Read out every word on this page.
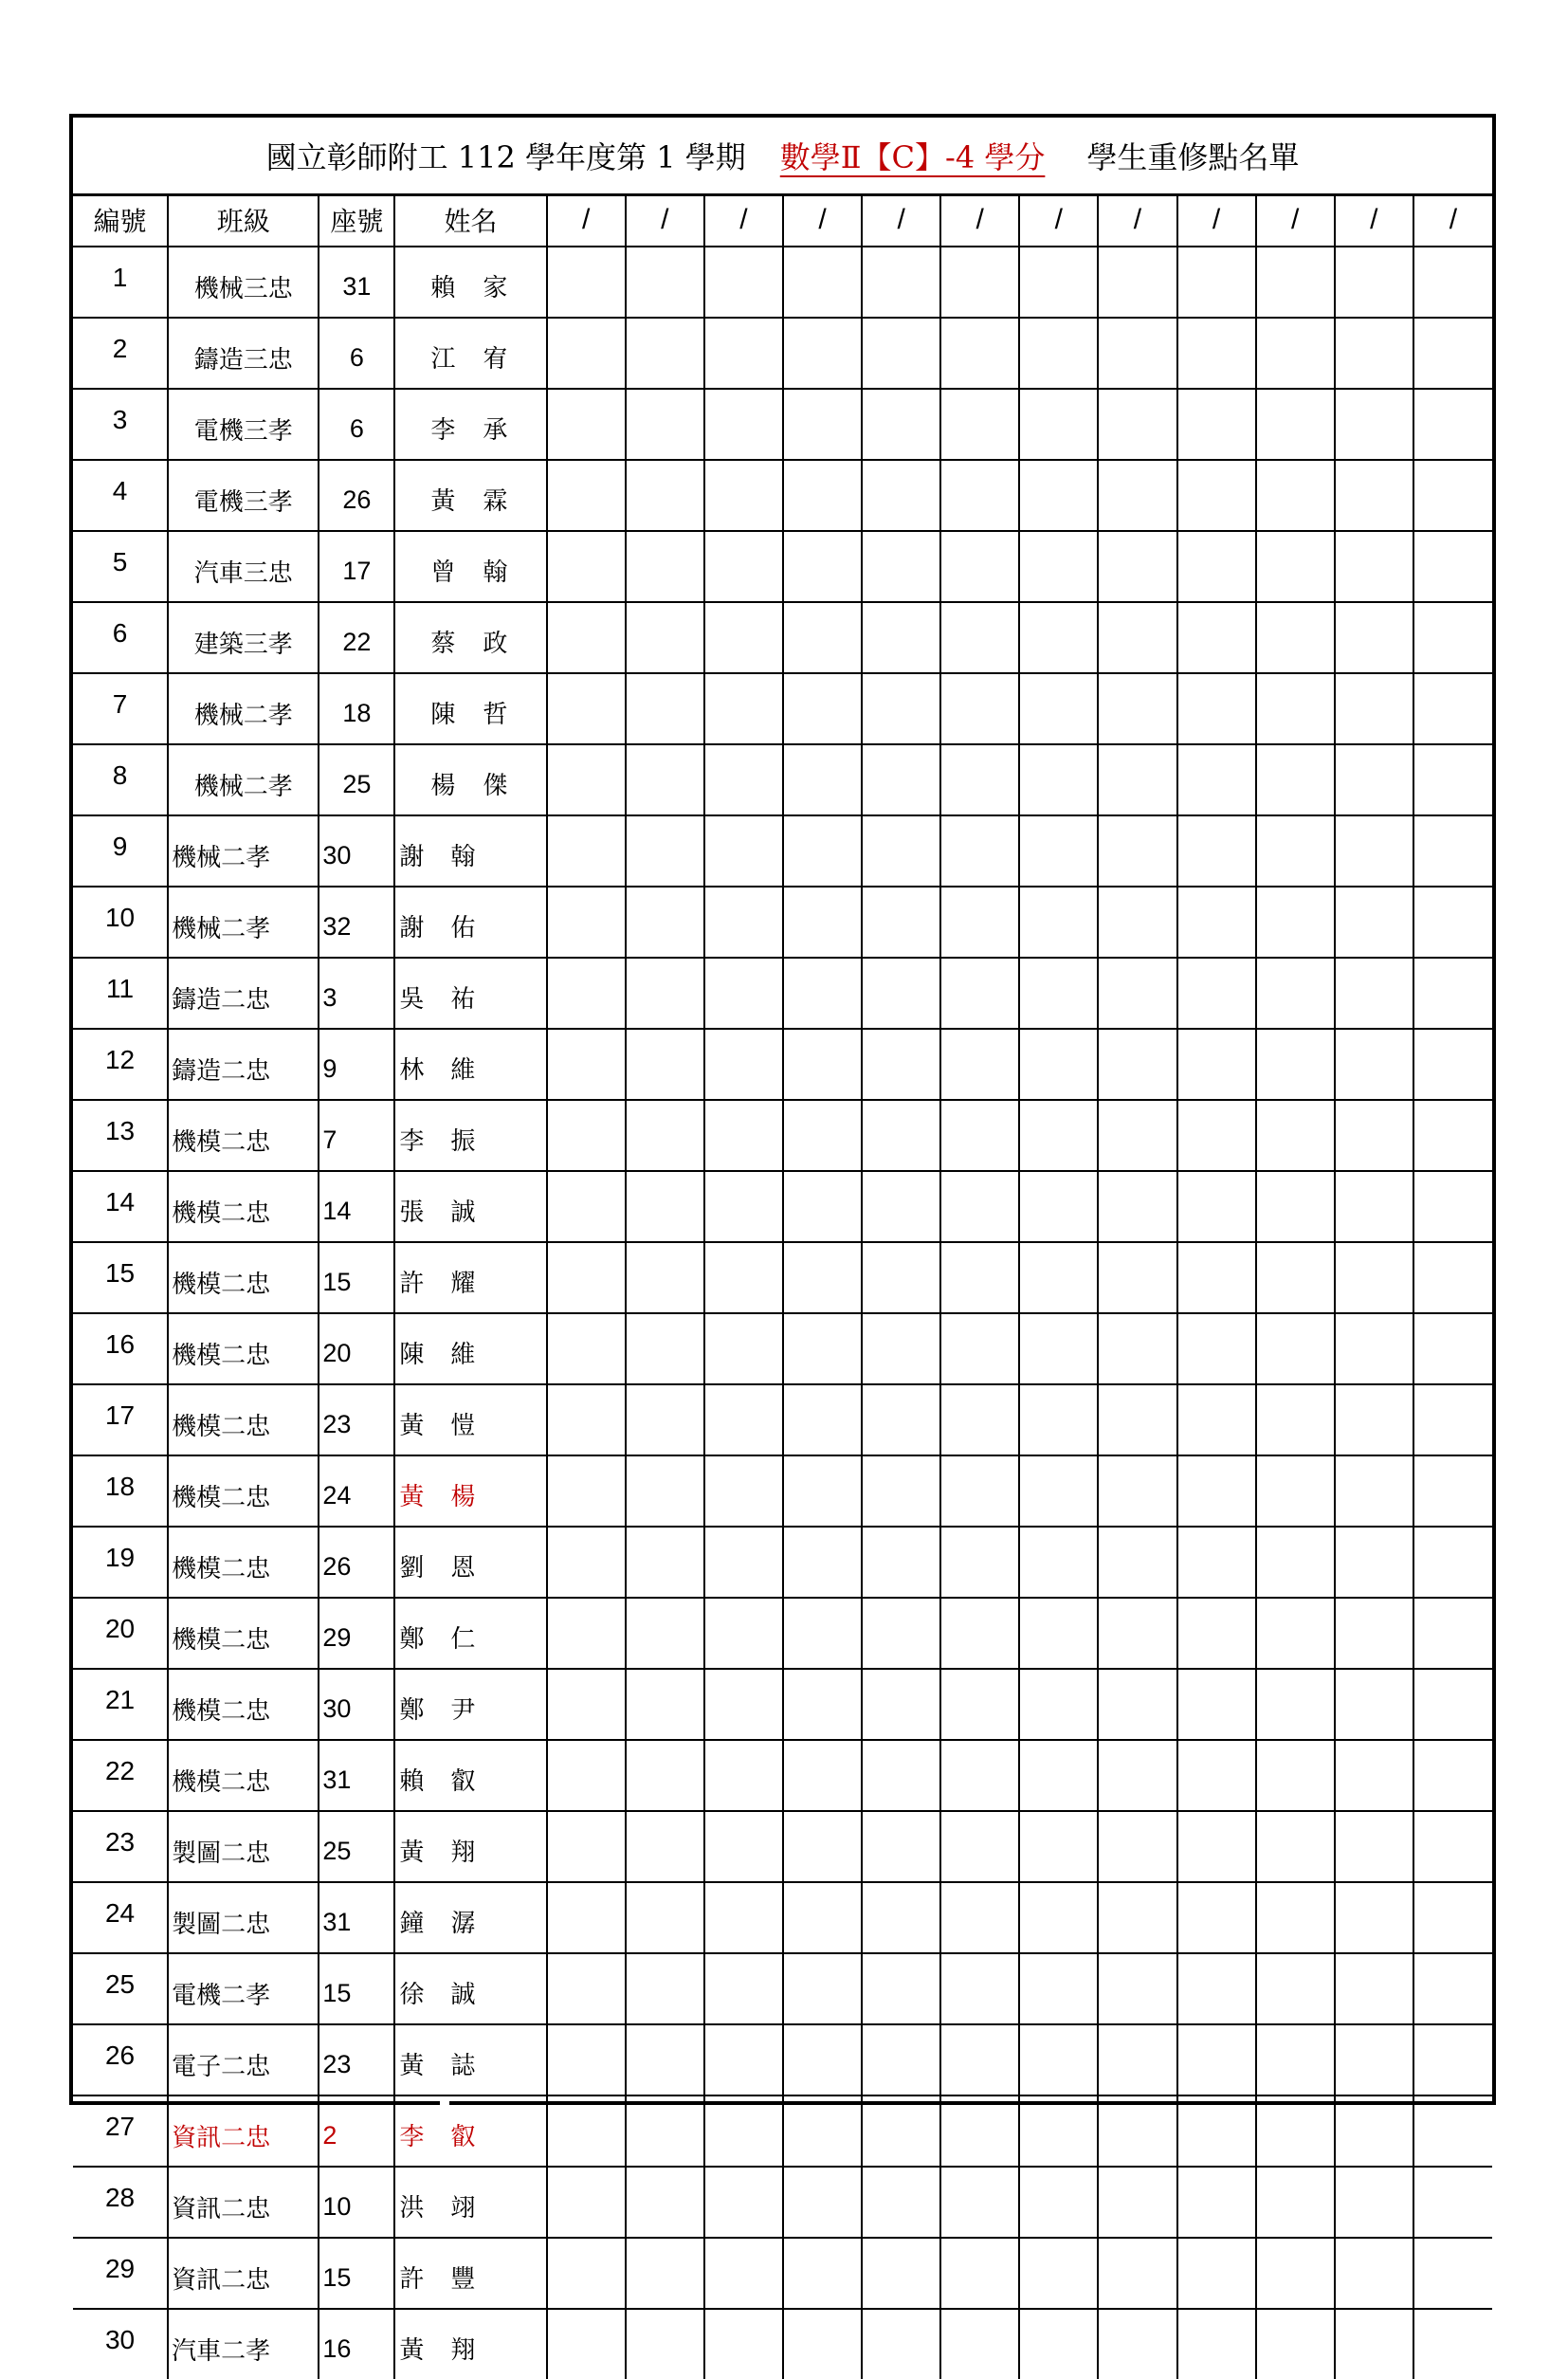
國立彰師附工 112 學年度第 1 學期 數學Ⅱ【C】-4 學分 學生重修點名單
編號	班級	座號	姓名	/	/	/	/	/	/	/	/	/	/	/	/
1	機械三忠	31	賴 家												

2	鑄造三忠	6	江 宥												

3	電機三孝	6	李 承												

4	電機三孝	26	黃 霖												

5	汽車三忠	17	曾 翰												

6	建築三孝	22	蔡 政												

7	機械二孝	18	陳 哲												

8	機械二孝	25	楊 傑												

9	機械二孝	30	謝 翰												

10	機械二孝	32	謝 佑												

11	鑄造二忠	3	吳 祐												

12	鑄造二忠	9	林 維												

13	機模二忠	7	李 振												

14	機模二忠	14	張 誠												

15	機模二忠	15	許 耀												

16	機模二忠	20	陳 維												

17	機模二忠	23	黃 愷												

18	機模二忠	24	黃 楊												

19	機模二忠	26	劉 恩												

20	機模二忠	29	鄭 仁												

21	機模二忠	30	鄭 尹												

22	機模二忠	31	賴 叡												

23	製圖二忠	25	黃 翔												

24	製圖二忠	31	鐘 潺												

25	電機二孝	15	徐 誠												

26	電子二忠	23	黃 誌												

27	資訊二忠	2	李 叡												

28	資訊二忠	10	洪 翊												

29	資訊二忠	15	許 豐												

30	汽車二孝	16	黃 翔												
